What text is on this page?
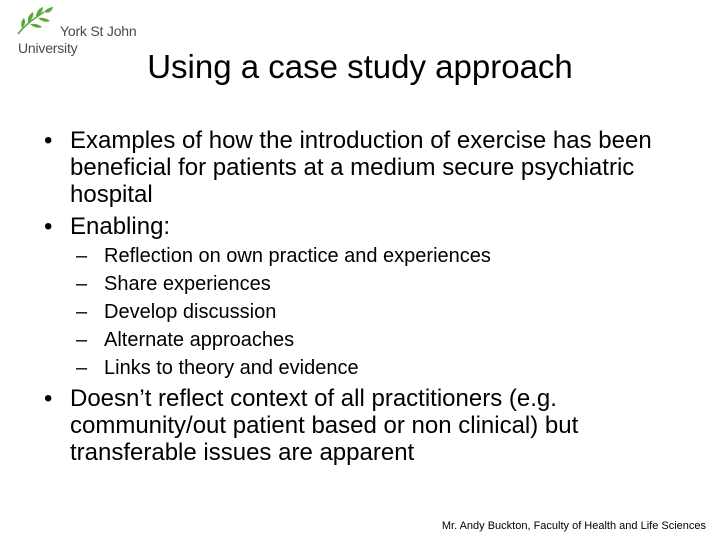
York St John
University	Using a case study approach
• Examples of how the introduction of exercise has been beneficial for patients at a medium secure psychiatric hospital
• Enabling:
– Reflection on own practice and experiences
– Share experiences
– Develop discussion
– Alternate approaches
– Links to theory and evidence
• Doesn’t reflect context of all practitioners (e.g. community/out patient based or non clinical) but transferable issues are apparent
Mr. Andy Buckton, Faculty of Health and Life Sciences
